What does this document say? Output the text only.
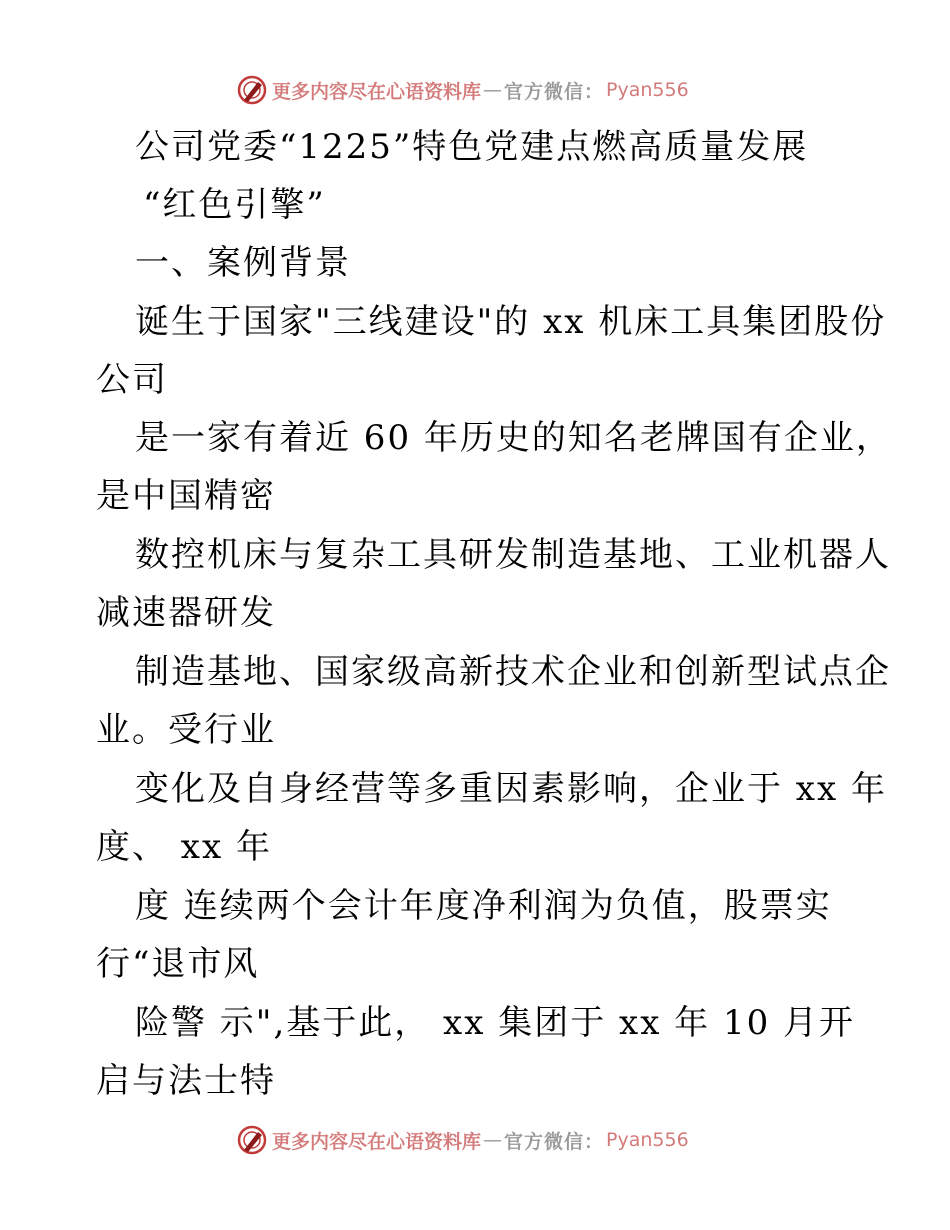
更多内容尽在心语资料库 — 官方微信： Pyan556
公司党委“1225”特色党建点燃高质量发展
“红色引擎”
一、案例背景
诞生于国家"三线建设"的 xx 机床工具集团股份
公司
是一家有着近 60 年历史的知名老牌国有企业，
是中国精密
数控机床与复杂工具研发制造基地、工业机器人
减速器研发
制造基地、国家级高新技术企业和创新型试点企
业。受行业
变化及自身经营等多重因素影响，企业于 xx 年
度、 xx 年
度 连续两个会计年度净利润为负值，股票实
行“退市风
险警 示",基于此， xx 集团于 xx 年 10 月开
启与法士特
更多内容尽在心语资料库 — 官方微信： Pyan556
